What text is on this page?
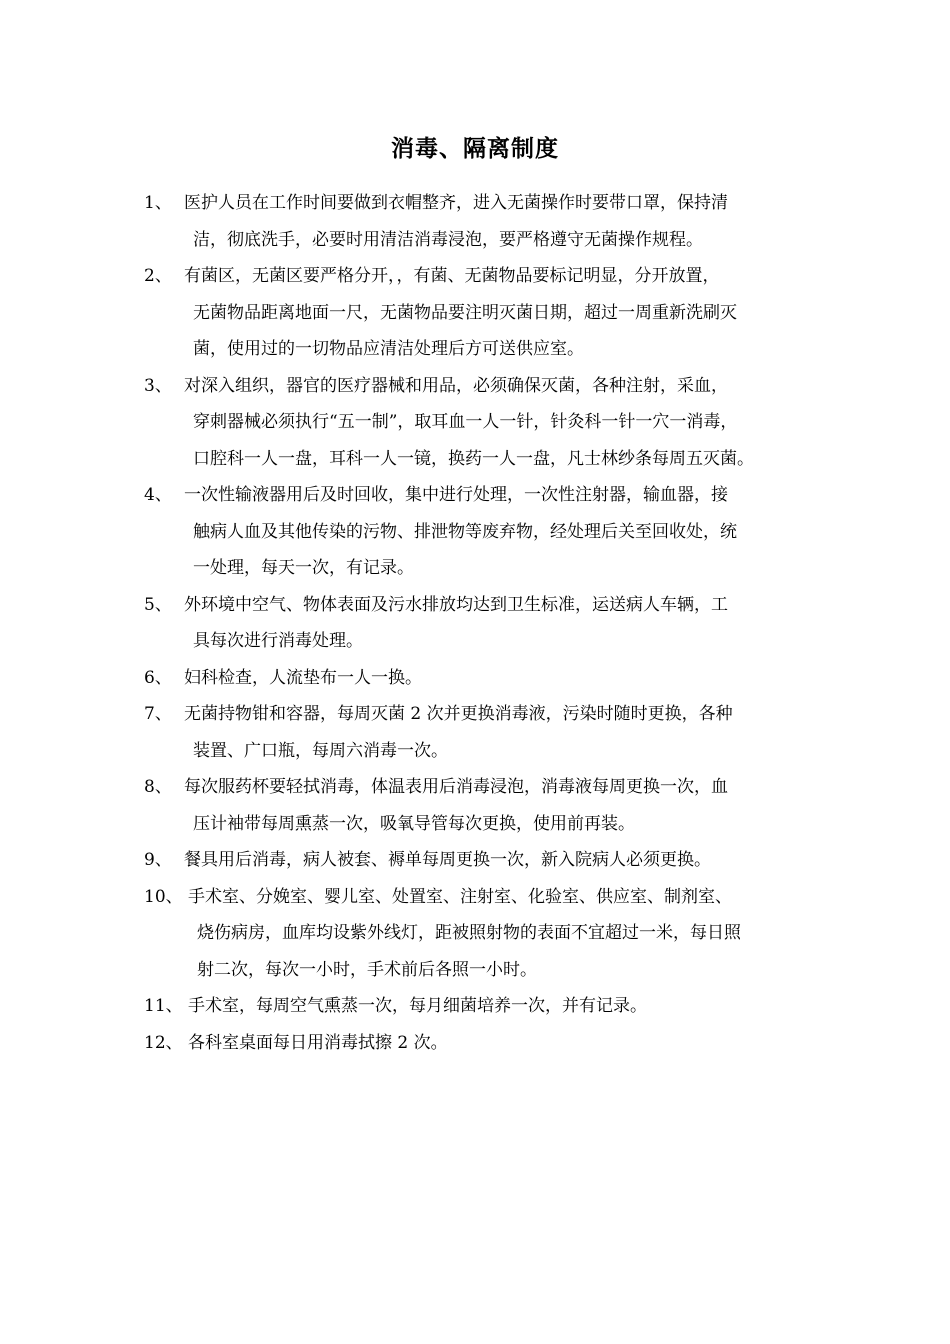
消毒、隔离制度
1、 医护人员在工作时间要做到衣帽整齐，进入无菌操作时要带口罩，保持清
洁，彻底洗手，必要时用清洁消毒浸泡，要严格遵守无菌操作规程。
2、 有菌区，无菌区要严格分开，，有菌、无菌物品要标记明显，分开放置，
无菌物品距离地面一尺，无菌物品要注明灭菌日期，超过一周重新洗刷灭
菌，使用过的一切物品应清洁处理后方可送供应室。
3、 对深入组织，器官的医疗器械和用品，必须确保灭菌，各种注射，采血，
穿刺器械必须执行“五一制”，取耳血一人一针，针灸科一针一穴一消毒，
口腔科一人一盘，耳科一人一镜，换药一人一盘，凡士林纱条每周五灭菌。
4、 一次性输液器用后及时回收，集中进行处理，一次性注射器，输血器，接
触病人血及其他传染的污物、排泄物等废弃物，经处理后关至回收处，统
一处理，每天一次，有记录。
5、 外环境中空气、物体表面及污水排放均达到卫生标准，运送病人车辆，工
具每次进行消毒处理。
6、 妇科检查，人流垫布一人一换。
7、 无菌持物钳和容器，每周灭菌 2 次并更换消毒液，污染时随时更换，各种
装置、广口瓶，每周六消毒一次。
8、 每次服药杯要轻拭消毒，体温表用后消毒浸泡，消毒液每周更换一次，血
压计袖带每周熏蒸一次，吸氧导管每次更换，使用前再装。
9、 餐具用后消毒，病人被套、褥单每周更换一次，新入院病人必须更换。
10、 手术室、分娩室、婴儿室、处置室、注射室、化验室、供应室、制剂室、
烧伤病房，血库均设紫外线灯，距被照射物的表面不宜超过一米，每日照
射二次，每次一小时，手术前后各照一小时。
11、 手术室，每周空气熏蒸一次，每月细菌培养一次，并有记录。
12、 各科室桌面每日用消毒拭擦 2 次。
